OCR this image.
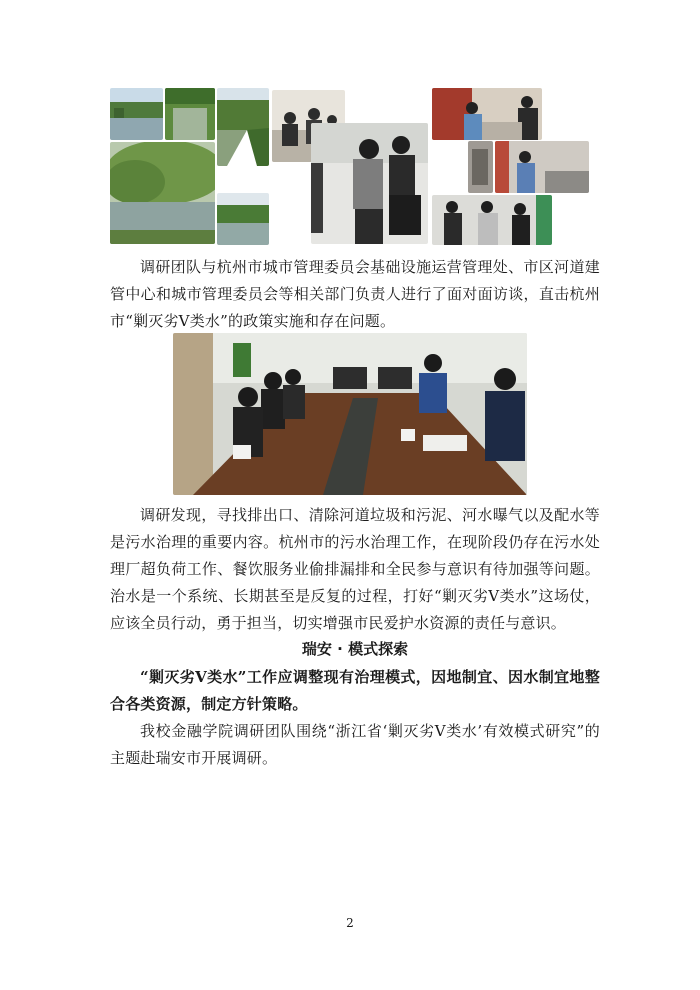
调研团队与杭州市城市管理委员会基础设施运营管理处、市区河道建管中心和城市管理委员会等相关部门负责人进行了面对面访谈，直击杭州市“剿灭劣Ⅴ类水”的政策实施和存在问题。

调研发现，寻找排出口、清除河道垃圾和污泥、河水曝气以及配水等是污水治理的重要内容。杭州市的污水治理工作，在现阶段仍存在污水处理厂超负荷工作、餐饮服务业偷排漏排和全民参与意识有待加强等问题。治水是一个系统、长期甚至是反复的过程，打好“剿灭劣Ⅴ类水”这场仗，应该全员行动，勇于担当，切实增强市民爱护水资源的责任与意识。

瑞安 · 模式探索

“剿灭劣Ⅴ类水”工作应调整现有治理模式，因地制宜、因水制宜地整合各类资源，制定方针策略。

我校金融学院调研团队围绕“浙江省‘剿灭劣Ⅴ类水’有效模式研究”的主题赴瑞安市开展调研。

2
